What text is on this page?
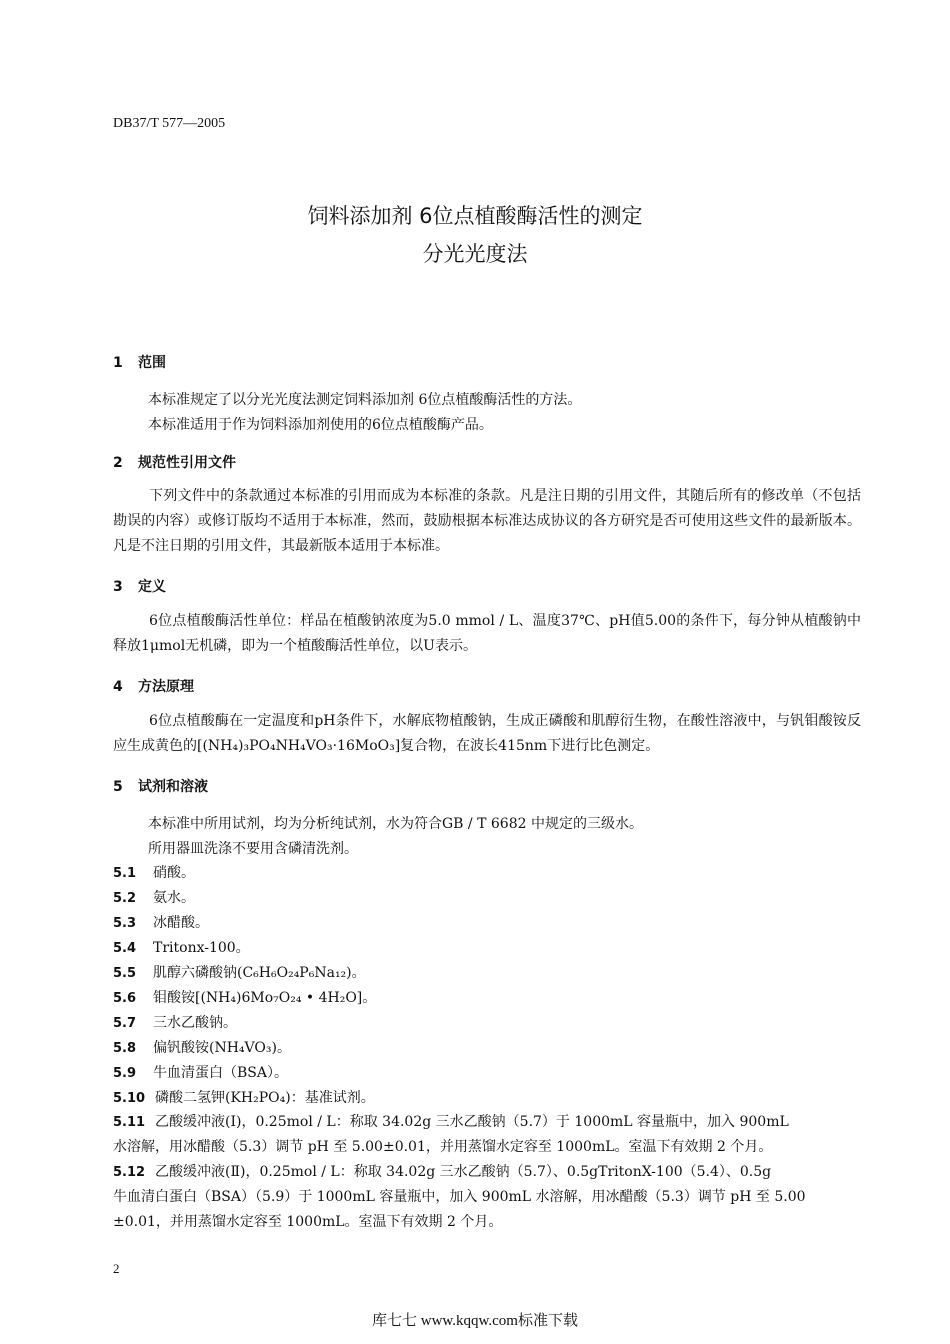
DB37/T 577—2005
饲料添加剂 6位点植酸酶活性的测定
分光光度法
1 范围
本标准规定了以分光光度法测定饲料添加剂 6位点植酸酶活性的方法。
本标准适用于作为饲料添加剂使用的6位点植酸酶产品。
2 规范性引用文件
下列文件中的条款通过本标准的引用而成为本标准的条款。凡是注日期的引用文件，其随后所有的修改单（不包括勘误的内容）或修订版均不适用于本标准，然而，鼓励根据本标准达成协议的各方研究是否可使用这些文件的最新版本。凡是不注日期的引用文件，其最新版本适用于本标准。
3 定义
6位点植酸酶活性单位：样品在植酸钠浓度为5.0 mmol / L、温度37℃、pH值5.00的条件下，每分钟从植酸钠中释放1μmol无机磷，即为一个植酸酶活性单位，以U表示。
4 方法原理
6位点植酸酶在一定温度和pH条件下，水解底物植酸钠，生成正磷酸和肌醇衍生物，在酸性溶液中，与钒钼酸铵反应生成黄色的[(NH₄)₃PO₄NH₄VO₃·16MoO₃]复合物，在波长415nm下进行比色测定。
5 试剂和溶液
本标准中所用试剂，均为分析纯试剂，水为符合GB / T 6682 中规定的三级水。
所用器皿洗涤不要用含磷清洗剂。
5.1 硝酸。
5.2 氨水。
5.3 冰醋酸。
5.4 Tritonx-100。
5.5 肌醇六磷酸钠(C₆H₆O₂₄P₆Na₁₂)。
5.6 钼酸铵[(NH₄)6Mo₇O₂₄ • 4H₂O]。
5.7 三水乙酸钠。
5.8 偏钒酸铵(NH₄VO₃)。
5.9 牛血清蛋白（BSA）。
5.10 磷酸二氢钾(KH₂PO₄)：基准试剂。
5.11 乙酸缓冲液(I)，0.25mol / L：称取 34.02g 三水乙酸钠（5.7）于 1000mL 容量瓶中，加入 900mL
水溶解，用冰醋酸（5.3）调节 pH 至 5.00±0.01，并用蒸馏水定容至 1000mL。室温下有效期 2 个月。
5.12 乙酸缓冲液(Ⅱ)，0.25mol / L：称取 34.02g 三水乙酸钠（5.7）、0.5gTritonX-100（5.4）、0.5g
牛血清白蛋白（BSA）（5.9）于 1000mL 容量瓶中，加入 900mL 水溶解，用冰醋酸（5.3）调节 pH 至 5.00
±0.01，并用蒸馏水定容至 1000mL。室温下有效期 2 个月。
2
库七七 www.kqqw.com标准下载
